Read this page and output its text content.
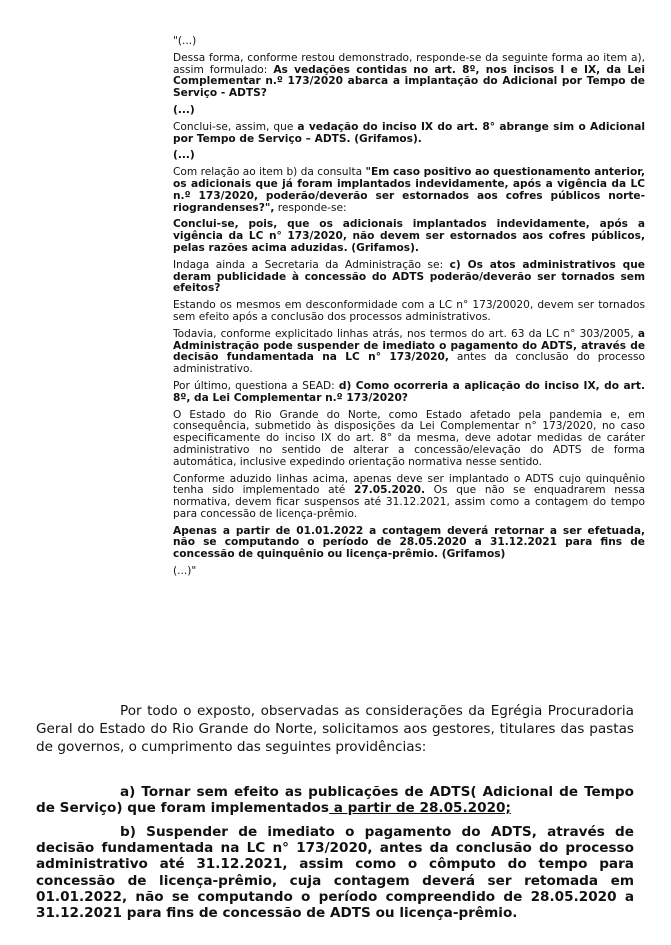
"(...)

Dessa forma, conforme restou demonstrado, responde-se da seguinte forma ao item a), assim formulado: As vedações contidas no art. 8º, nos incisos I e IX, da Lei Complementar n.º 173/2020 abarca a implantação do Adicional por Tempo de Serviço - ADTS?

(...)

Conclui-se, assim, que a vedação do inciso IX do art. 8° abrange sim o Adicional por Tempo de Serviço – ADTS. (Grifamos).

(...)

Com relação ao item b) da consulta "Em caso positivo ao questionamento anterior, os adicionais que já foram implantados indevidamente, após a vigência da LC n.º 173/2020, poderão/deverão ser estornados aos cofres públicos norte-riograndenses?", responde-se:

Conclui-se, pois, que os adicionais implantados indevidamente, após a vigência da LC n° 173/2020, não devem ser estornados aos cofres públicos, pelas razões acima aduzidas. (Grifamos).

Indaga ainda a Secretaria da Administração se: c) Os atos administrativos que deram publicidade à concessão do ADTS poderão/deverão ser tornados sem efeitos?

Estando os mesmos em desconformidade com a LC n° 173/20020, devem ser tornados sem efeito após a conclusão dos processos administrativos.

Todavia, conforme explicitado linhas atrás, nos termos do art. 63 da LC n° 303/2005, a Administração pode suspender de imediato o pagamento do ADTS, através de decisão fundamentada na LC n° 173/2020, antes da conclusão do processo administrativo.

Por último, questiona a SEAD: d) Como ocorreria a aplicação do inciso IX, do art. 8º, da Lei Complementar n.º 173/2020?

O Estado do Rio Grande do Norte, como Estado afetado pela pandemia e, em consequência, submetido às disposições da Lei Complementar n° 173/2020, no caso especificamente do inciso IX do art. 8° da mesma, deve adotar medidas de caráter administrativo no sentido de alterar a concessão/elevação do ADTS de forma automática, inclusive expedindo orientação normativa nesse sentido.

Conforme aduzido linhas acima, apenas deve ser implantado o ADTS cujo quinquênio tenha sido implementado até 27.05.2020. Os que não se enquadrarem nessa normativa, devem ficar suspensos até 31.12.2021, assim como a contagem do tempo para concessão de licença-prêmio.

Apenas a partir de 01.01.2022 a contagem deverá retornar a ser efetuada, não se computando o período de 28.05.2020 a 31.12.2021 para fins de concessão de quinquênio ou licença-prêmio. (Grifamos)

(...)"

Por todo o exposto, observadas as considerações da Egrégia Procuradoria Geral do Estado do Rio Grande do Norte, solicitamos aos gestores, titulares das pastas de governos, o cumprimento das seguintes providências:

a) Tornar sem efeito as publicações de ADTS( Adicional de Tempo de Serviço) que foram implementados a partir de 28.05.2020;

b) Suspender de imediato o pagamento do ADTS, através de decisão fundamentada na LC n° 173/2020, antes da conclusão do processo administrativo até 31.12.2021, assim como o cômputo do tempo para concessão de licença-prêmio, cuja contagem deverá ser retomada em 01.01.2022, não se computando o período compreendido de 28.05.2020 a 31.12.2021 para fins de concessão de ADTS ou licença-prêmio.
